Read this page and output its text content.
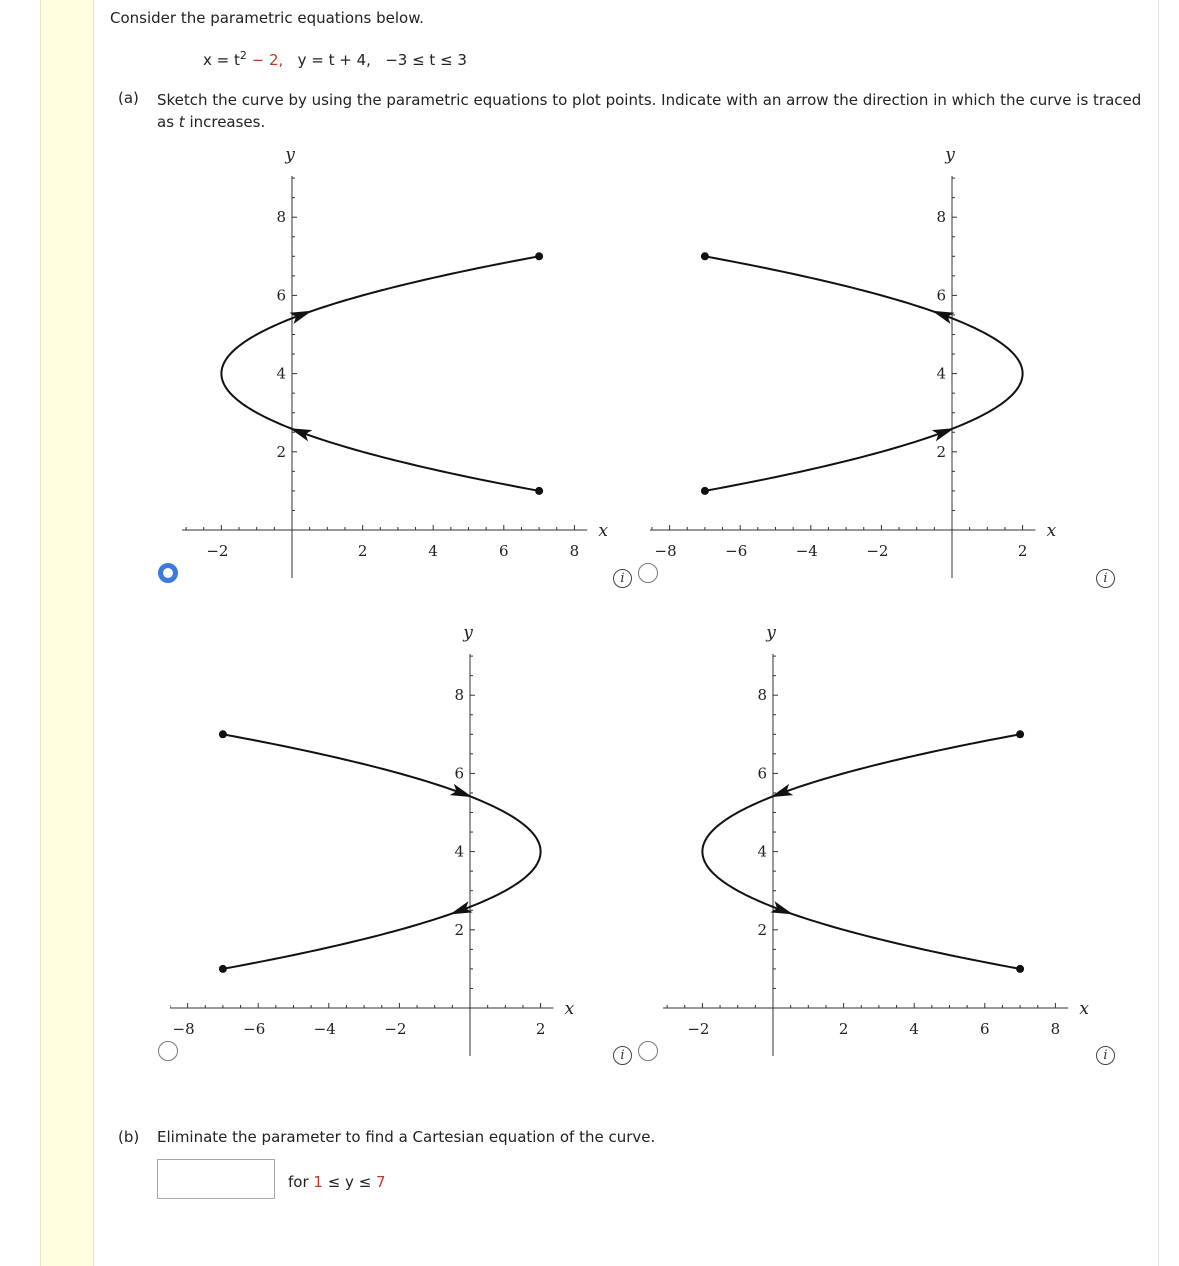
Consider the parametric equations below.
$x = t^2 - 2$, y = t + 4, −3 ≤ t ≤ 3
(a) Sketch the curve by using the parametric equations to plot points. Indicate with an arrow the direction in which the curve is traced as t increases.
−2	2	4	6	8
2
4
6
8
x
y
−8	−6	−4	−2	2
2
4
6
8
x
y
−8	−6	−4	−2	2
2
4
6
8
x
y
−2	2	4	6	8
2
4
6
8
x
y
(b) Eliminate the parameter to find a Cartesian equation of the curve.
for 1 ≤ y ≤ 7
i	i
i	i
